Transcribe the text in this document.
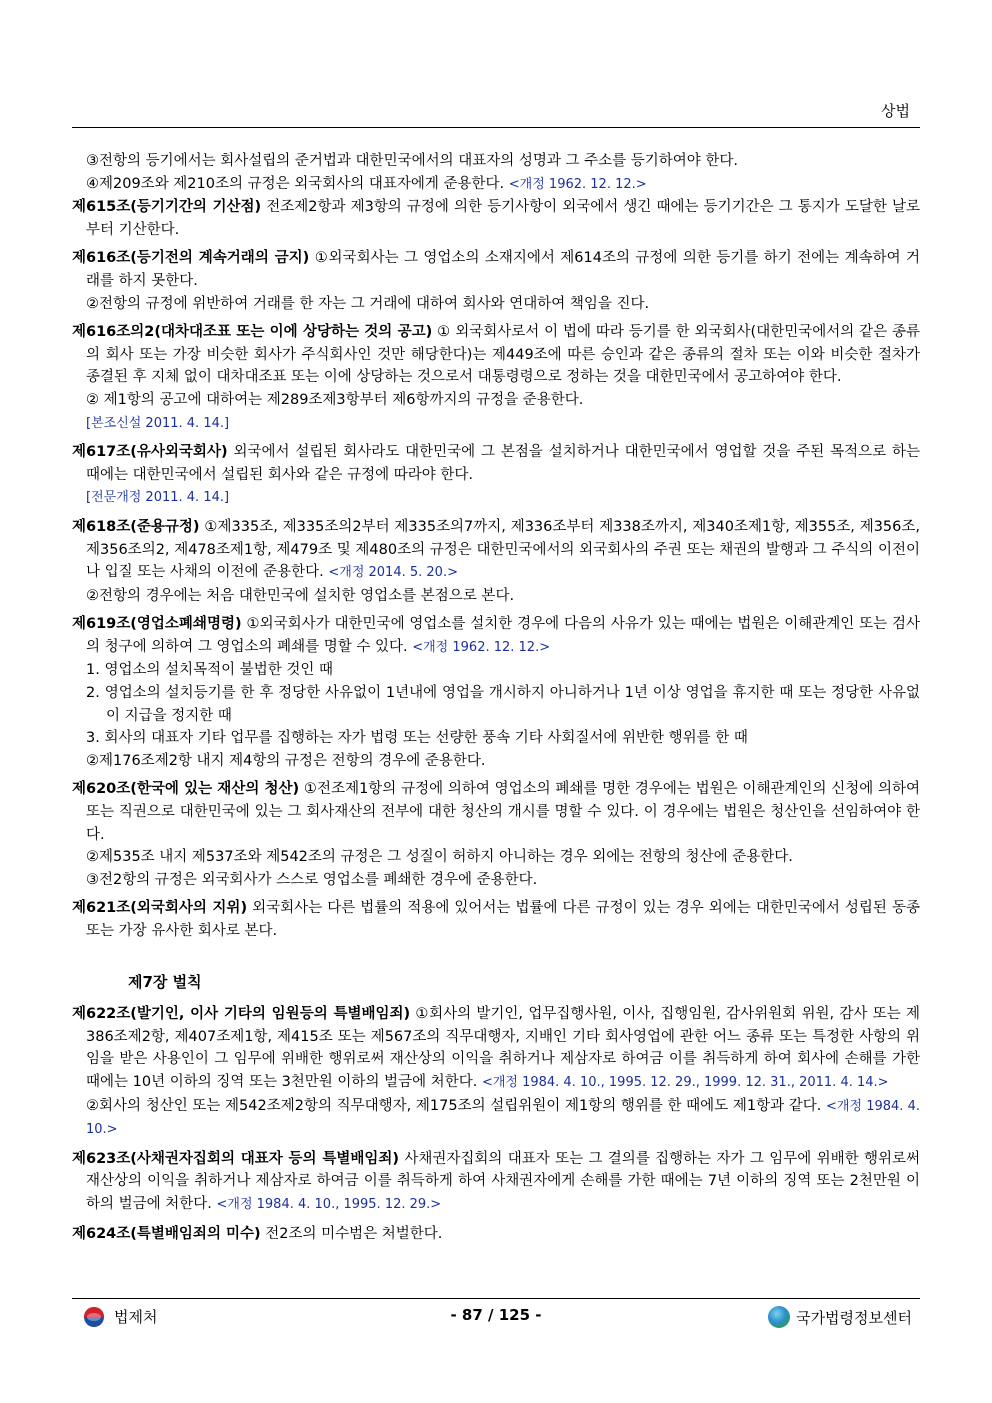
상법

③전항의 등기에서는 회사설립의 준거법과 대한민국에서의 대표자의 성명과 그 주소를 등기하여야 한다.

④제209조와 제210조의 규정은 외국회사의 대표자에게 준용한다. <개정 1962. 12. 12.>

제615조(등기기간의 기산점) 전조제2항과 제3항의 규정에 의한 등기사항이 외국에서 생긴 때에는 등기기간은 그 통지가 도달한 날로부터 기산한다.

제616조(등기전의 계속거래의 금지) ①외국회사는 그 영업소의 소재지에서 제614조의 규정에 의한 등기를 하기 전에는 계속하여 거래를 하지 못한다.

②전항의 규정에 위반하여 거래를 한 자는 그 거래에 대하여 회사와 연대하여 책임을 진다.

제616조의2(대차대조표 또는 이에 상당하는 것의 공고) ① 외국회사로서 이 법에 따라 등기를 한 외국회사(대한민국에서의 같은 종류의 회사 또는 가장 비슷한 회사가 주식회사인 것만 해당한다)는 제449조에 따른 승인과 같은 종류의 절차 또는 이와 비슷한 절차가 종결된 후 지체 없이 대차대조표 또는 이에 상당하는 것으로서 대통령령으로 정하는 것을 대한민국에서 공고하여야 한다.

② 제1항의 공고에 대하여는 제289조제3항부터 제6항까지의 규정을 준용한다.

[본조신설 2011. 4. 14.]

제617조(유사외국회사) 외국에서 설립된 회사라도 대한민국에 그 본점을 설치하거나 대한민국에서 영업할 것을 주된 목적으로 하는 때에는 대한민국에서 설립된 회사와 같은 규정에 따라야 한다.

[전문개정 2011. 4. 14.]

제618조(준용규정) ①제335조, 제335조의2부터 제335조의7까지, 제336조부터 제338조까지, 제340조제1항, 제355조, 제356조, 제356조의2, 제478조제1항, 제479조 및 제480조의 규정은 대한민국에서의 외국회사의 주권 또는 채권의 발행과 그 주식의 이전이나 입질 또는 사채의 이전에 준용한다. <개정 2014. 5. 20.>

②전항의 경우에는 처음 대한민국에 설치한 영업소를 본점으로 본다.

제619조(영업소폐쇄명령) ①외국회사가 대한민국에 영업소를 설치한 경우에 다음의 사유가 있는 때에는 법원은 이해관계인 또는 검사의 청구에 의하여 그 영업소의 폐쇄를 명할 수 있다. <개정 1962. 12. 12.>

1. 영업소의 설치목적이 불법한 것인 때

2. 영업소의 설치등기를 한 후 정당한 사유없이 1년내에 영업을 개시하지 아니하거나 1년 이상 영업을 휴지한 때 또는 정당한 사유없이 지급을 정지한 때

3. 회사의 대표자 기타 업무를 집행하는 자가 법령 또는 선량한 풍속 기타 사회질서에 위반한 행위를 한 때

②제176조제2항 내지 제4항의 규정은 전항의 경우에 준용한다.

제620조(한국에 있는 재산의 청산) ①전조제1항의 규정에 의하여 영업소의 폐쇄를 명한 경우에는 법원은 이해관계인의 신청에 의하여 또는 직권으로 대한민국에 있는 그 회사재산의 전부에 대한 청산의 개시를 명할 수 있다. 이 경우에는 법원은 청산인을 선임하여야 한다.

②제535조 내지 제537조와 제542조의 규정은 그 성질이 허하지 아니하는 경우 외에는 전항의 청산에 준용한다.

③전2항의 규정은 외국회사가 스스로 영업소를 폐쇄한 경우에 준용한다.

제621조(외국회사의 지위) 외국회사는 다른 법률의 적용에 있어서는 법률에 다른 규정이 있는 경우 외에는 대한민국에서 성립된 동종 또는 가장 유사한 회사로 본다.

제7장 벌칙

제622조(발기인, 이사 기타의 임원등의 특별배임죄) ①회사의 발기인, 업무집행사원, 이사, 집행임원, 감사위원회 위원, 감사 또는 제386조제2항, 제407조제1항, 제415조 또는 제567조의 직무대행자, 지배인 기타 회사영업에 관한 어느 종류 또는 특정한 사항의 위임을 받은 사용인이 그 임무에 위배한 행위로써 재산상의 이익을 취하거나 제삼자로 하여금 이를 취득하게 하여 회사에 손해를 가한 때에는 10년 이하의 징역 또는 3천만원 이하의 벌금에 처한다. <개정 1984. 4. 10., 1995. 12. 29., 1999. 12. 31., 2011. 4. 14.>

②회사의 청산인 또는 제542조제2항의 직무대행자, 제175조의 설립위원이 제1항의 행위를 한 때에도 제1항과 같다. <개정 1984. 4. 10.>

제623조(사채권자집회의 대표자 등의 특별배임죄) 사채권자집회의 대표자 또는 그 결의를 집행하는 자가 그 임무에 위배한 행위로써 재산상의 이익을 취하거나 제삼자로 하여금 이를 취득하게 하여 사채권자에게 손해를 가한 때에는 7년 이하의 징역 또는 2천만원 이하의 벌금에 처한다. <개정 1984. 4. 10., 1995. 12. 29.>

제624조(특별배임죄의 미수) 전2조의 미수범은 처벌한다.

법제처	- 87 / 125 -	국가법령정보센터
